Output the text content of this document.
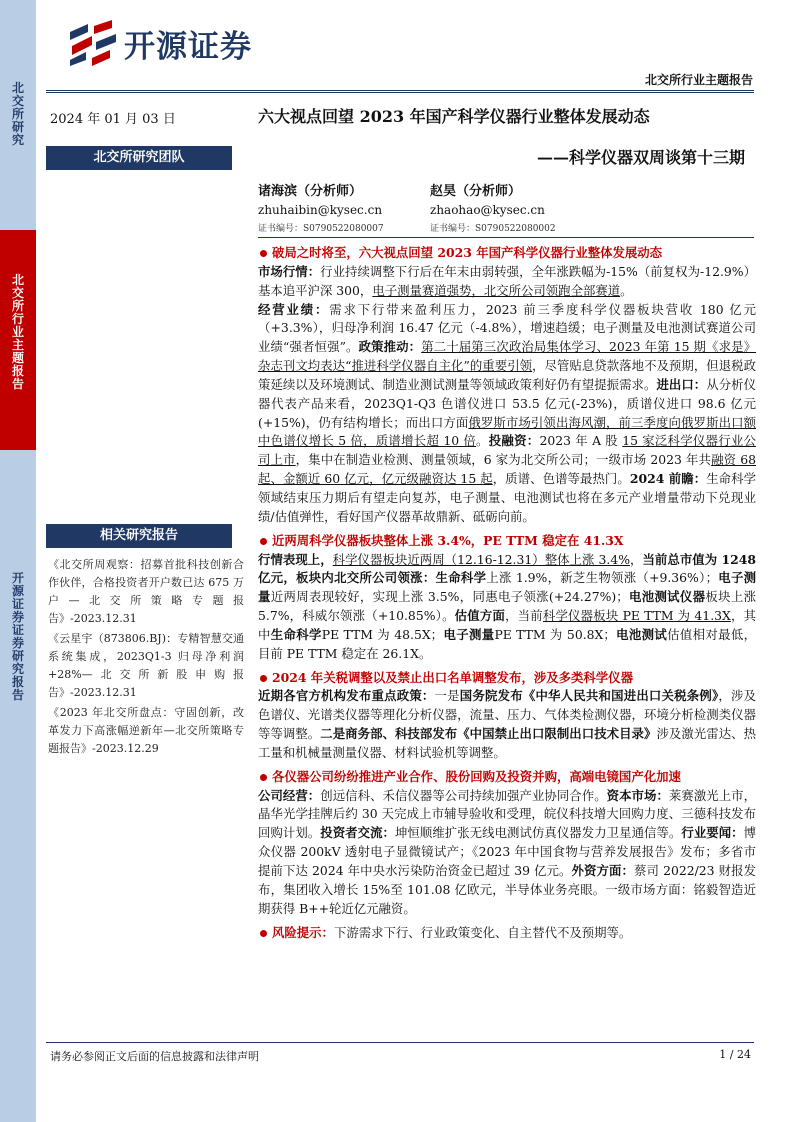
北交所研究
开源证券 证券研究报告
北交所行业主题报告
开源证券
北交所行业主题报告
2024 年 01 月 03 日	六大视点回望 2023 年国产科学仪器行业整体发展动态
——科学仪器双周谈第十三期
北交所研究团队
诸海滨（分析师）
zhuhaibin@kysec.cn
证书编号：S0790522080007
赵昊（分析师）
zhaohao@kysec.cn
证书编号：S0790522080002
相关研究报告

《北交所周观察：招募首批科技创新合作伙伴，合格投资者开户数已达 675 万户—北交所策略专题报告》-2023.12.31

《云星宇（873806.BJ)：专精智慧交通系统集成，2023Q1-3 归母净利润+28%—北交所新股申购报告》-2023.12.31

《2023 年北交所盘点：守固创新，改革发力下高涨幅逆新年—北交所策略专题报告》-2023.12.29

破局之时将至，六大视点回望 2023 年国产科学仪器行业整体发展动态

市场行情：行业持续调整下行后在年末由弱转强，全年涨跌幅为-15%（前复权为-12.9%）基本追平沪深 300，电子测量赛道强势，北交所公司领跑全部赛道。

经营业绩：需求下行带来盈利压力，2023 前三季度科学仪器板块营收 180 亿元（+3.3%），归母净利润 16.47 亿元（-4.8%），增速趋缓；电子测量及电池测试赛道公司业绩“强者恒强”。政策推动：第二十届第三次政治局集体学习、2023 年第 15 期《求是》杂志刊文均表达“推进科学仪器自主化”的重要引领，尽管贴息贷款落地不及预期，但退税政策延续以及环境测试、制造业测试测量等领域政策利好仍有望提振需求。进出口：从分析仪器代表产品来看，2023Q1-Q3 色谱仪进口 53.5 亿元(-23%)，质谱仪进口 98.6 亿元(+15%)，仍有结构增长；而出口方面俄罗斯市场引领出海风潮，前三季度向俄罗斯出口额中色谱仪增长 5 倍，质谱增长超 10 倍。投融资：2023 年 A 股 15 家泛科学仪器行业公司上市，集中在制造业检测、测量领域，6 家为北交所公司；一级市场 2023 年共融资 68 起、金额近 60 亿元，亿元级融资达 15 起，质谱、色谱等最热门。2024 前瞻：生命科学领域结束压力期后有望走向复苏，电子测量、电池测试也将在多元产业增量带动下兑现业绩/估值弹性，看好国产仪器革故鼎新、砥砺向前。

近两周科学仪器板块整体上涨 3.4%，PE TTM 稳定在 41.3X

行情表现上，科学仪器板块近两周（12.16-12.31）整体上涨 3.4%，当前总市值为 1248 亿元，板块内北交所公司领涨：生命科学上涨 1.9%，新芝生物领涨（+9.36%）；电子测量近两周表现较好，实现上涨 3.5%，同惠电子领涨(+24.27%)；电池测试仪器板块上涨 5.7%，科威尔领涨（+10.85%）。估值方面，当前科学仪器板块 PE TTM 为 41.3X，其中生命科学PE TTM 为 48.5X；电子测量PE TTM 为 50.8X；电池测试估值相对最低，目前 PE TTM 稳定在 26.1X。

2024 年关税调整以及禁止出口名单调整发布，涉及多类科学仪器

近期各官方机构发布重点政策：一是国务院发布《中华人民共和国进出口关税条例》，涉及色谱仪、光谱类仪器等理化分析仪器，流量、压力、气体类检测仪器，环境分析检测类仪器等等调整。二是商务部、科技部发布《中国禁止出口限制出口技术目录》涉及激光雷达、热工量和机械量测量仪器、材料试验机等调整。

各仪器公司纷纷推进产业合作、股份回购及投资并购，高端电镜国产化加速

公司经营：创远信科、禾信仪器等公司持续加强产业协同合作。资本市场：莱赛激光上市，晶华光学挂牌后约 30 天完成上市辅导验收和受理，皖仪科技增大回购力度、三德科技发布回购计划。投资者交流：坤恒顺维扩张无线电测试仿真仪器发力卫星通信等。行业要闻：博众仪器 200kV 透射电子显微镜试产；《2023 年中国食物与营养发展报告》发布；多省市提前下达 2024 年中央水污染防治资金已超过 39 亿元。外资方面：蔡司 2022/23 财报发布，集团收入增长 15%至 101.08 亿欧元，半导体业务亮眼。一级市场方面：铭毅智造近期获得 B++轮近亿元融资。

风险提示：下游需求下行、行业政策变化、自主替代不及预期等。

请务必参阅正文后面的信息披露和法律声明	1 / 24
